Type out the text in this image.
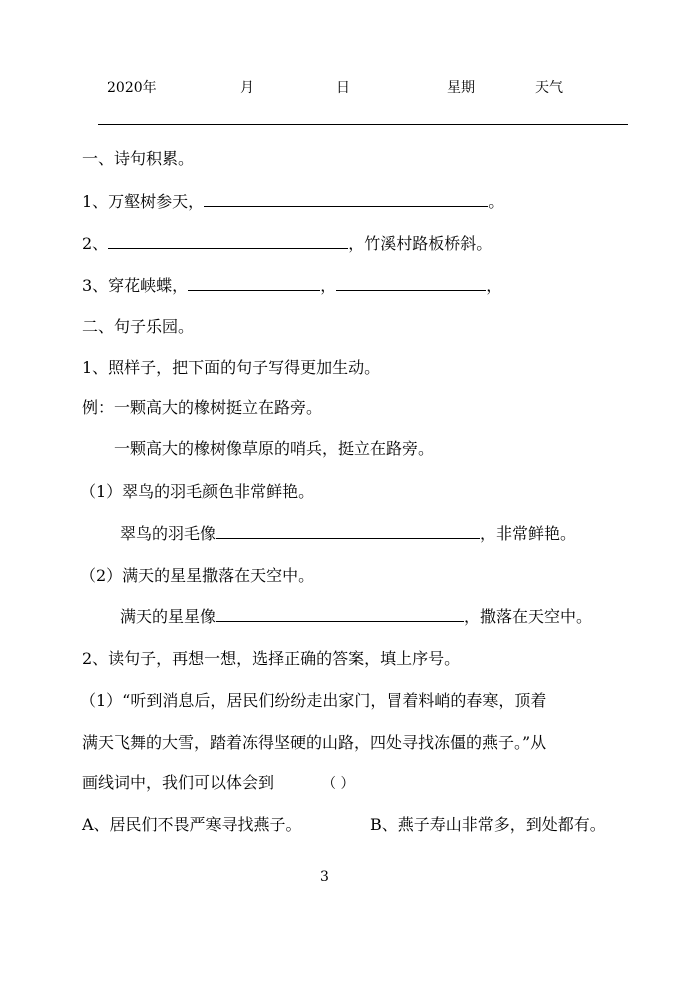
2020年	月	日	星期	天气
一、诗句积累。
1、万壑树参天，	。
2、	，竹溪村路板桥斜。
3、穿花峡蝶，	，	，
二、句子乐园。
1、照样子，把下面的句子写得更加生动。
例：一颗高大的橡树挺立在路旁。
一颗高大的橡树像草原的哨兵，挺立在路旁。
（1）翠鸟的羽毛颜色非常鲜艳。
翠鸟的羽毛像	，非常鲜艳。
（2）满天的星星撒落在天空中。
满天的星星像	，撒落在天空中。
2、读句子，再想一想，选择正确的答案，填上序号。
（1）“听到消息后，居民们纷纷走出家门，冒着料峭的春寒，顶着
满天飞舞的大雪，踏着冻得坚硬的山路，四处寻找冻僵的燕子。”从
画线词中，我们可以体会到	（ ）
A、居民们不畏严寒寻找燕子。	B、燕子寿山非常多，到处都有。
3
